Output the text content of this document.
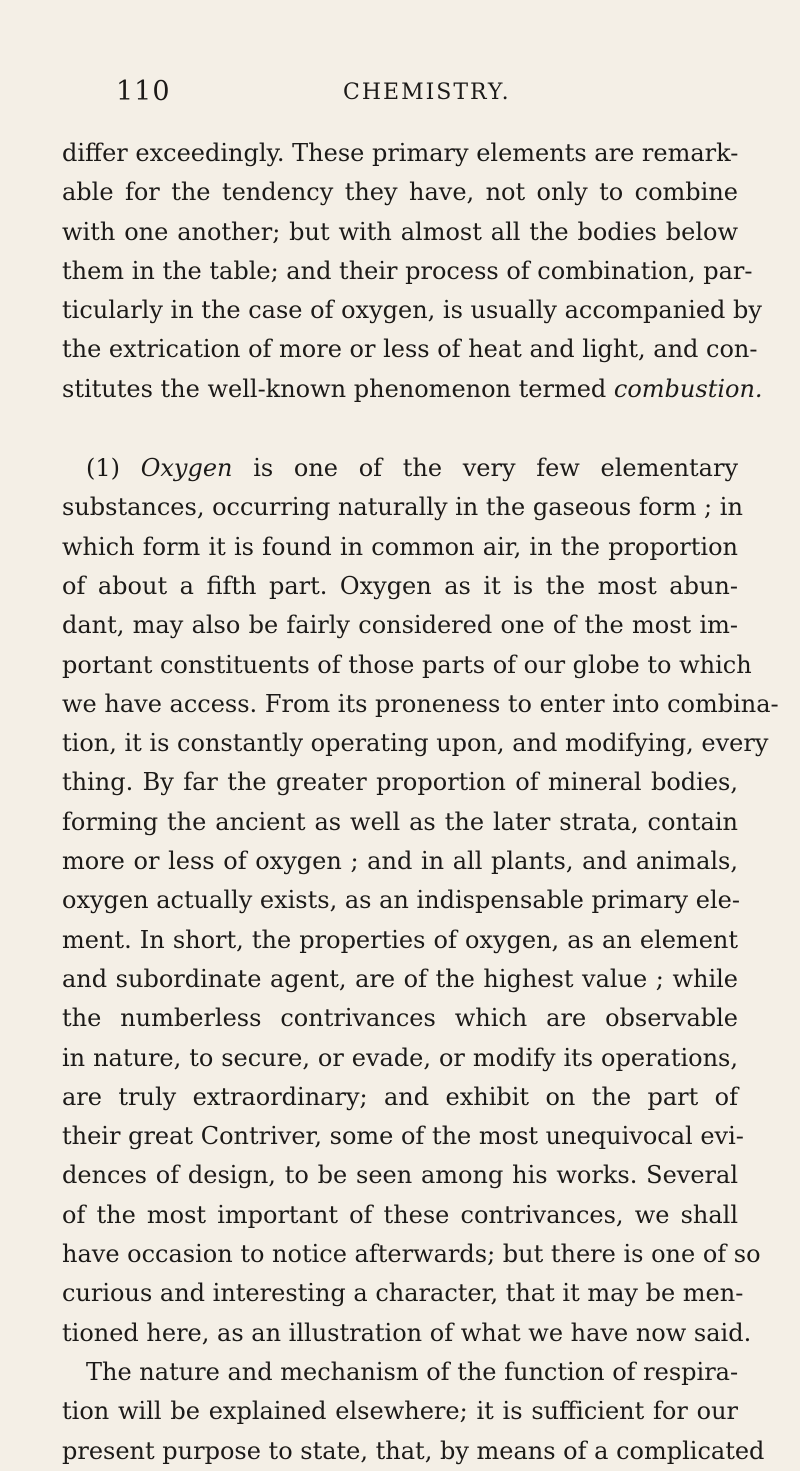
110	CHEMISTRY.
differ exceedingly. These primary elements are remark-
able for the tendency they have, not only to combine
with one another; but with almost all the bodies below
them in the table; and their process of combination, par-
ticularly in the case of oxygen, is usually accompanied by
the extrication of more or less of heat and light, and con-
stitutes the well-known phenomenon termed combustion.
(1) Oxygen is one of the very few elementary
substances, occurring naturally in the gaseous form ; in
which form it is found in common air, in the proportion
of about a fifth part. Oxygen as it is the most abun-
dant, may also be fairly considered one of the most im-
portant constituents of those parts of our globe to which
we have access. From its proneness to enter into combina-
tion, it is constantly operating upon, and modifying, every
thing. By far the greater proportion of mineral bodies,
forming the ancient as well as the later strata, contain
more or less of oxygen ; and in all plants, and animals,
oxygen actually exists, as an indispensable primary ele-
ment. In short, the properties of oxygen, as an element
and subordinate agent, are of the highest value ; while
the numberless contrivances which are observable
in nature, to secure, or evade, or modify its operations,
are truly extraordinary; and exhibit on the part of
their great Contriver, some of the most unequivocal evi-
dences of design, to be seen among his works. Several
of the most important of these contrivances, we shall
have occasion to notice afterwards; but there is one of so
curious and interesting a character, that it may be men-
tioned here, as an illustration of what we have now said.
The nature and mechanism of the function of respira-
tion will be explained elsewhere; it is sufficient for our
present purpose to state, that, by means of a complicated
